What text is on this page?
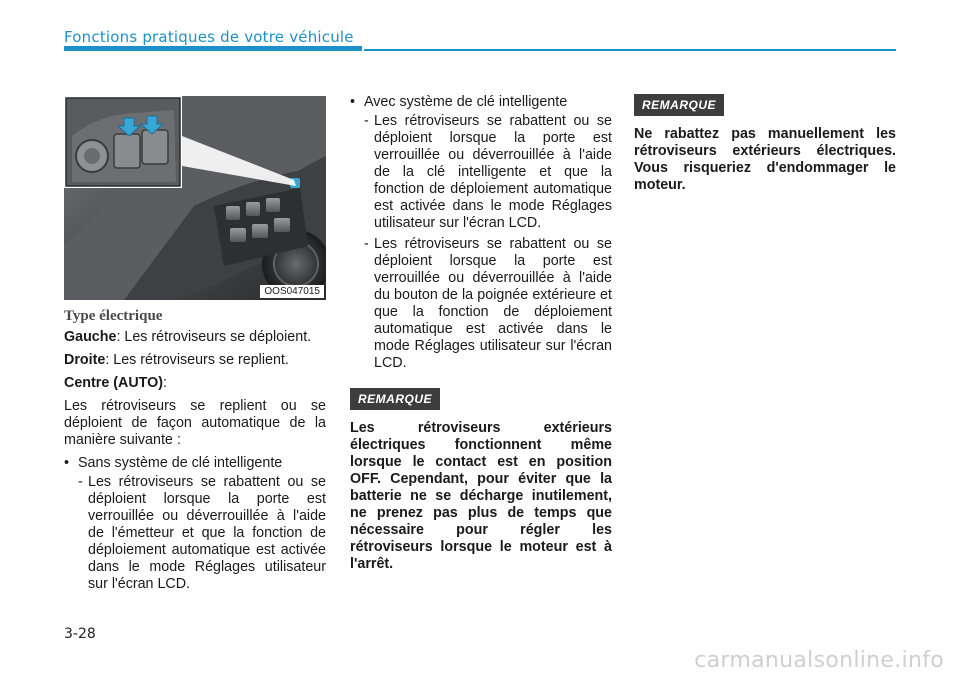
Fonctions pratiques de votre véhicule
OOS047015
Type électrique
Gauche : Les rétroviseurs se déploient.
Droite : Les rétroviseurs se replient.
Centre (AUTO) :

Les rétroviseurs se replient ou se déploient de façon automatique de la manière suivante :

• Sans système de clé intelligente
- Les rétroviseurs se rabattent ou se déploient lorsque la porte est verrouillée ou déverrouillée à l'aide de l'émetteur et que la fonction de déploiement automatique est activée dans le mode Réglages utilisateur sur l'écran LCD.
• Avec système de clé intelligente
- Les rétroviseurs se rabattent ou se déploient lorsque la porte est verrouillée ou déverrouillée à l'aide de la clé intelligente et que la fonction de déploiement automatique est activée dans le mode Réglages utilisateur sur l'écran LCD.
- Les rétroviseurs se rabattent ou se déploient lorsque la porte est verrouillée ou déverrouillée à l'aide du bouton de la poignée extérieure et que la fonction de déploiement automatique est activée dans le mode Réglages utilisateur sur l'écran LCD.
REMARQUE
Les rétroviseurs extérieurs électriques fonctionnent même lorsque le contact est en position OFF. Cependant, pour éviter que la batterie ne se décharge inutilement, ne prenez pas plus de temps que nécessaire pour régler les rétroviseurs lorsque le moteur est à l'arrêt.
REMARQUE
Ne rabattez pas manuellement les rétroviseurs extérieurs électriques. Vous risqueriez d'endommager le moteur.
3-28
carmanualsonline.info
